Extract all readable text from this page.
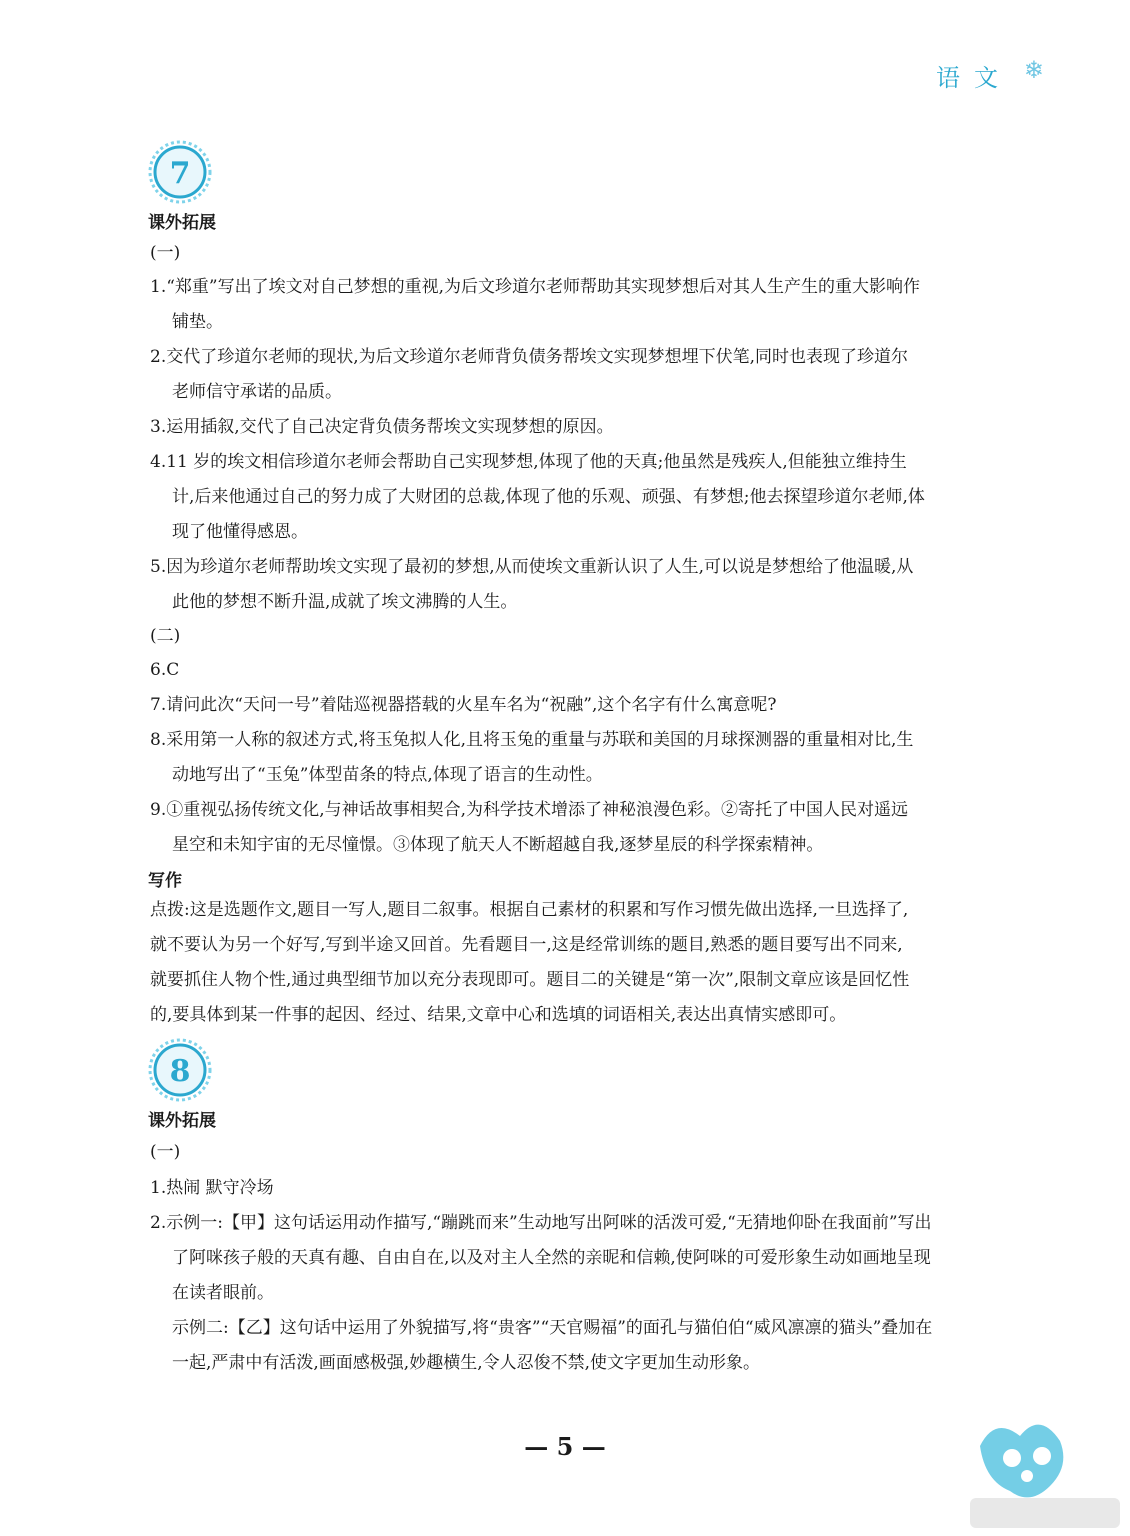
语文 ❄
7
课外拓展
(一)
1.“郑重”写出了埃文对自己梦想的重视,为后文珍道尔老师帮助其实现梦想后对其人生产生的重大影响作
铺垫。
2.交代了珍道尔老师的现状,为后文珍道尔老师背负债务帮埃文实现梦想埋下伏笔,同时也表现了珍道尔
老师信守承诺的品质。
3.运用插叙,交代了自己决定背负债务帮埃文实现梦想的原因。
4.11 岁的埃文相信珍道尔老师会帮助自己实现梦想,体现了他的天真;他虽然是残疾人,但能独立维持生
计,后来他通过自己的努力成了大财团的总裁,体现了他的乐观、顽强、有梦想;他去探望珍道尔老师,体
现了他懂得感恩。
5.因为珍道尔老师帮助埃文实现了最初的梦想,从而使埃文重新认识了人生,可以说是梦想给了他温暖,从
此他的梦想不断升温,成就了埃文沸腾的人生。
(二)
6.C
7.请问此次“天问一号”着陆巡视器搭载的火星车名为“祝融”,这个名字有什么寓意呢?
8.采用第一人称的叙述方式,将玉兔拟人化,且将玉兔的重量与苏联和美国的月球探测器的重量相对比,生
动地写出了“玉兔”体型苗条的特点,体现了语言的生动性。
9.①重视弘扬传统文化,与神话故事相契合,为科学技术增添了神秘浪漫色彩。②寄托了中国人民对遥远
星空和未知宇宙的无尽憧憬。③体现了航天人不断超越自我,逐梦星辰的科学探索精神。
写作
点拨:这是选题作文,题目一写人,题目二叙事。根据自己素材的积累和写作习惯先做出选择,一旦选择了,
就不要认为另一个好写,写到半途又回首。先看题目一,这是经常训练的题目,熟悉的题目要写出不同来,
就要抓住人物个性,通过典型细节加以充分表现即可。题目二的关键是“第一次”,限制文章应该是回忆性
的,要具体到某一件事的起因、经过、结果,文章中心和选填的词语相关,表达出真情实感即可。
8
课外拓展
(一)
1.热闹 默守冷场
2.示例一:【甲】这句话运用动作描写,“蹦跳而来”生动地写出阿咪的活泼可爱,“无猜地仰卧在我面前”写出
了阿咪孩子般的天真有趣、自由自在,以及对主人全然的亲昵和信赖,使阿咪的可爱形象生动如画地呈现
在读者眼前。
示例二:【乙】这句话中运用了外貌描写,将“贵客”“天官赐福”的面孔与猫伯伯“威风凛凛的猫头”叠加在
一起,严肃中有活泼,画面感极强,妙趣横生,令人忍俊不禁,使文字更加生动形象。
— 5 —
